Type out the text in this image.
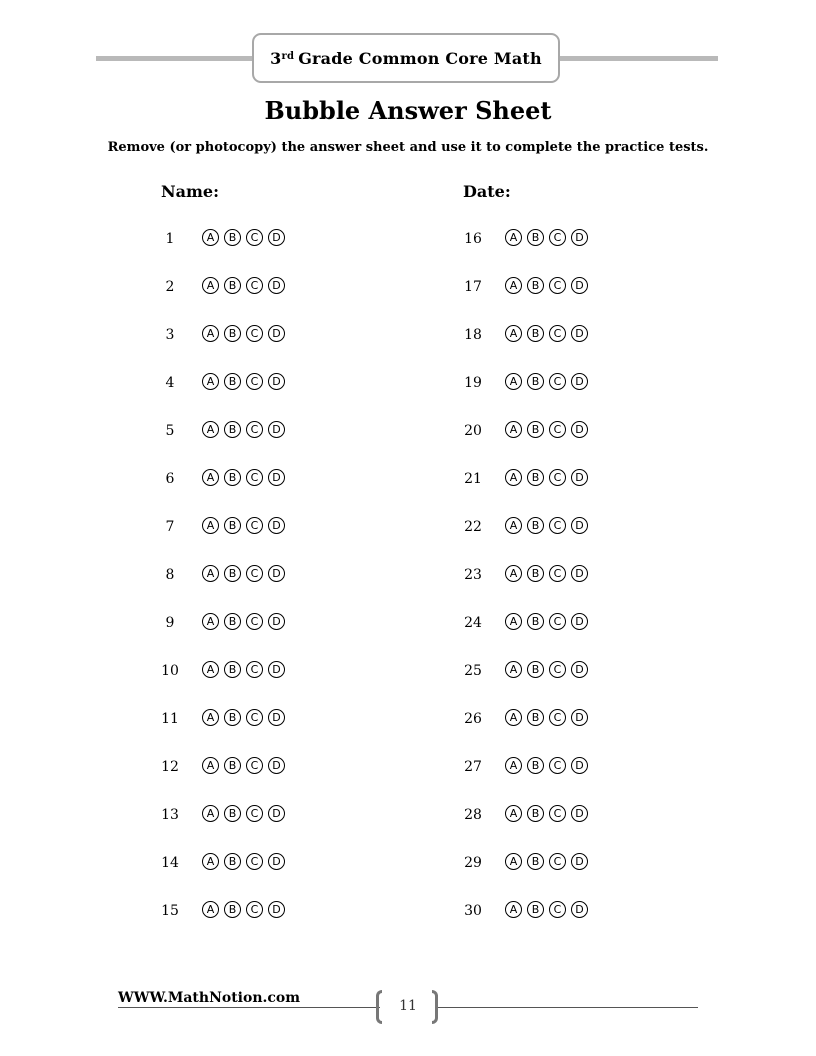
3rd Grade Common Core Math
Bubble Answer Sheet
Remove (or photocopy) the answer sheet and use it to complete the practice tests.
Name:	Date:
1	A	B	C	D
2	A	B	C	D
3	A	B	C	D
4	A	B	C	D
5	A	B	C	D
6	A	B	C	D
7	A	B	C	D
8	A	B	C	D
9	A	B	C	D
10	A	B	C	D
11	A	B	C	D
12	A	B	C	D
13	A	B	C	D
14	A	B	C	D
15	A	B	C	D
16	A	B	C	D
17	A	B	C	D
18	A	B	C	D
19	A	B	C	D
20	A	B	C	D
21	A	B	C	D
22	A	B	C	D
23	A	B	C	D
24	A	B	C	D
25	A	B	C	D
26	A	B	C	D
27	A	B	C	D
28	A	B	C	D
29	A	B	C	D
30	A	B	C	D
WWW.MathNotion.com	11
